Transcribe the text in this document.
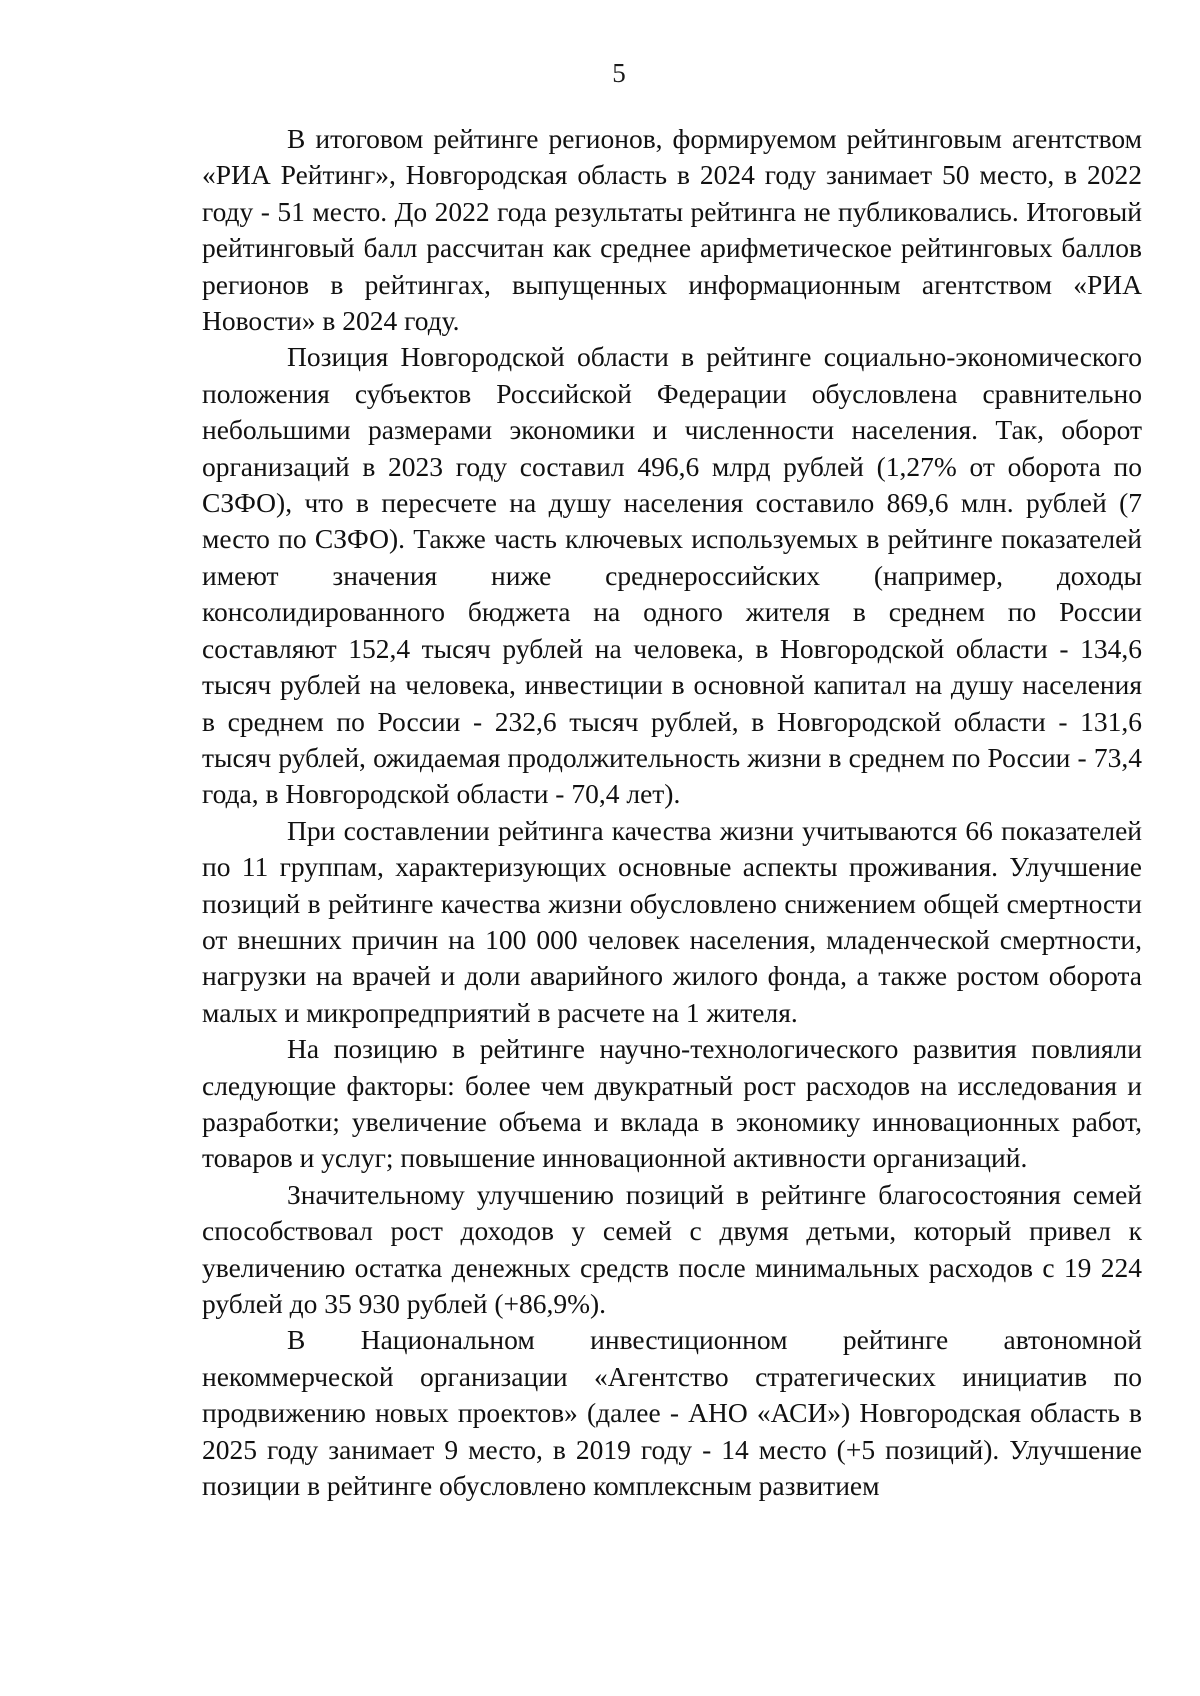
5

В итоговом рейтинге регионов, формируемом рейтинговым агентством «РИА Рейтинг», Новгородская область в 2024 году занимает 50 место, в 2022 году - 51 место. До 2022 года результаты рейтинга не публиковались. Итоговый рейтинговый балл рассчитан как среднее арифметическое рейтинговых баллов регионов в рейтингах, выпущенных информационным агентством «РИА Новости» в 2024 году.

Позиция Новгородской области в рейтинге социально-экономического положения субъектов Российской Федерации обусловлена сравнительно небольшими размерами экономики и численности населения. Так, оборот организаций в 2023 году составил 496,6 млрд рублей (1,27% от оборота по СЗФО), что в пересчете на душу населения составило 869,6 млн. рублей (7 место по СЗФО). Также часть ключевых используемых в рейтинге показателей имеют значения ниже среднероссийских (например, доходы консолидированного бюджета на одного жителя в среднем по России составляют 152,4 тысяч рублей на человека, в Новгородской области - 134,6 тысяч рублей на человека, инвестиции в основной капитал на душу населения в среднем по России - 232,6 тысяч рублей, в Новгородской области - 131,6 тысяч рублей, ожидаемая продолжительность жизни в среднем по России - 73,4 года, в Новгородской области - 70,4 лет).

При составлении рейтинга качества жизни учитываются 66 показателей по 11 группам, характеризующих основные аспекты проживания. Улучшение позиций в рейтинге качества жизни обусловлено снижением общей смертности от внешних причин на 100 000 человек населения, младенческой смертности, нагрузки на врачей и доли аварийного жилого фонда, а также ростом оборота малых и микропредприятий в расчете на 1 жителя.

На позицию в рейтинге научно-технологического развития повлияли следующие факторы: более чем двукратный рост расходов на исследования и разработки; увеличение объема и вклада в экономику инновационных работ, товаров и услуг; повышение инновационной активности организаций.

Значительному улучшению позиций в рейтинге благосостояния семей способствовал рост доходов у семей с двумя детьми, который привел к увеличению остатка денежных средств после минимальных расходов с 19 224 рублей до 35 930 рублей (+86,9%).

В Национальном инвестиционном рейтинге автономной некоммерческой организации «Агентство стратегических инициатив по продвижению новых проектов» (далее - АНО «АСИ») Новгородская область в 2025 году занимает 9 место, в 2019 году - 14 место (+5 позиций). Улучшение позиции в рейтинге обусловлено комплексным развитием
